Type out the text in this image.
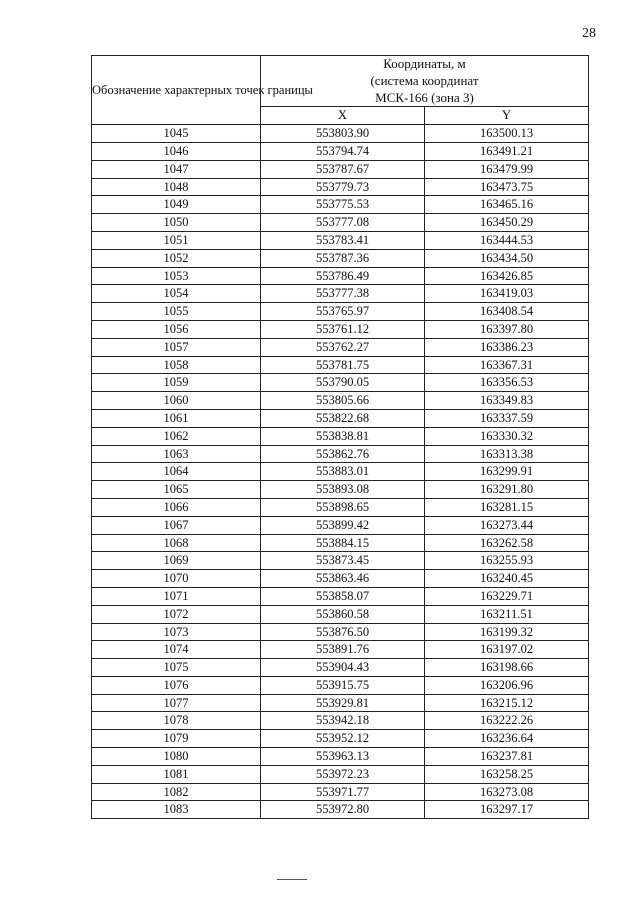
28
Обозначение характерных точек границы	Координаты, м
(система координат
МСК-166 (зона 3)	

	X	Y
1045	553803.90	163500.13
1046	553794.74	163491.21
1047	553787.67	163479.99
1048	553779.73	163473.75
1049	553775.53	163465.16
1050	553777.08	163450.29
1051	553783.41	163444.53
1052	553787.36	163434.50
1053	553786.49	163426.85
1054	553777.38	163419.03
1055	553765.97	163408.54
1056	553761.12	163397.80
1057	553762.27	163386.23
1058	553781.75	163367.31
1059	553790.05	163356.53
1060	553805.66	163349.83
1061	553822.68	163337.59
1062	553838.81	163330.32
1063	553862.76	163313.38
1064	553883.01	163299.91
1065	553893.08	163291.80
1066	553898.65	163281.15
1067	553899.42	163273.44
1068	553884.15	163262.58
1069	553873.45	163255.93
1070	553863.46	163240.45
1071	553858.07	163229.71
1072	553860.58	163211.51
1073	553876.50	163199.32
1074	553891.76	163197.02
1075	553904.43	163198.66
1076	553915.75	163206.96
1077	553929.81	163215.12
1078	553942.18	163222.26
1079	553952.12	163236.64
1080	553963.13	163237.81
1081	553972.23	163258.25
1082	553971.77	163273.08
1083	553972.80	163297.17
